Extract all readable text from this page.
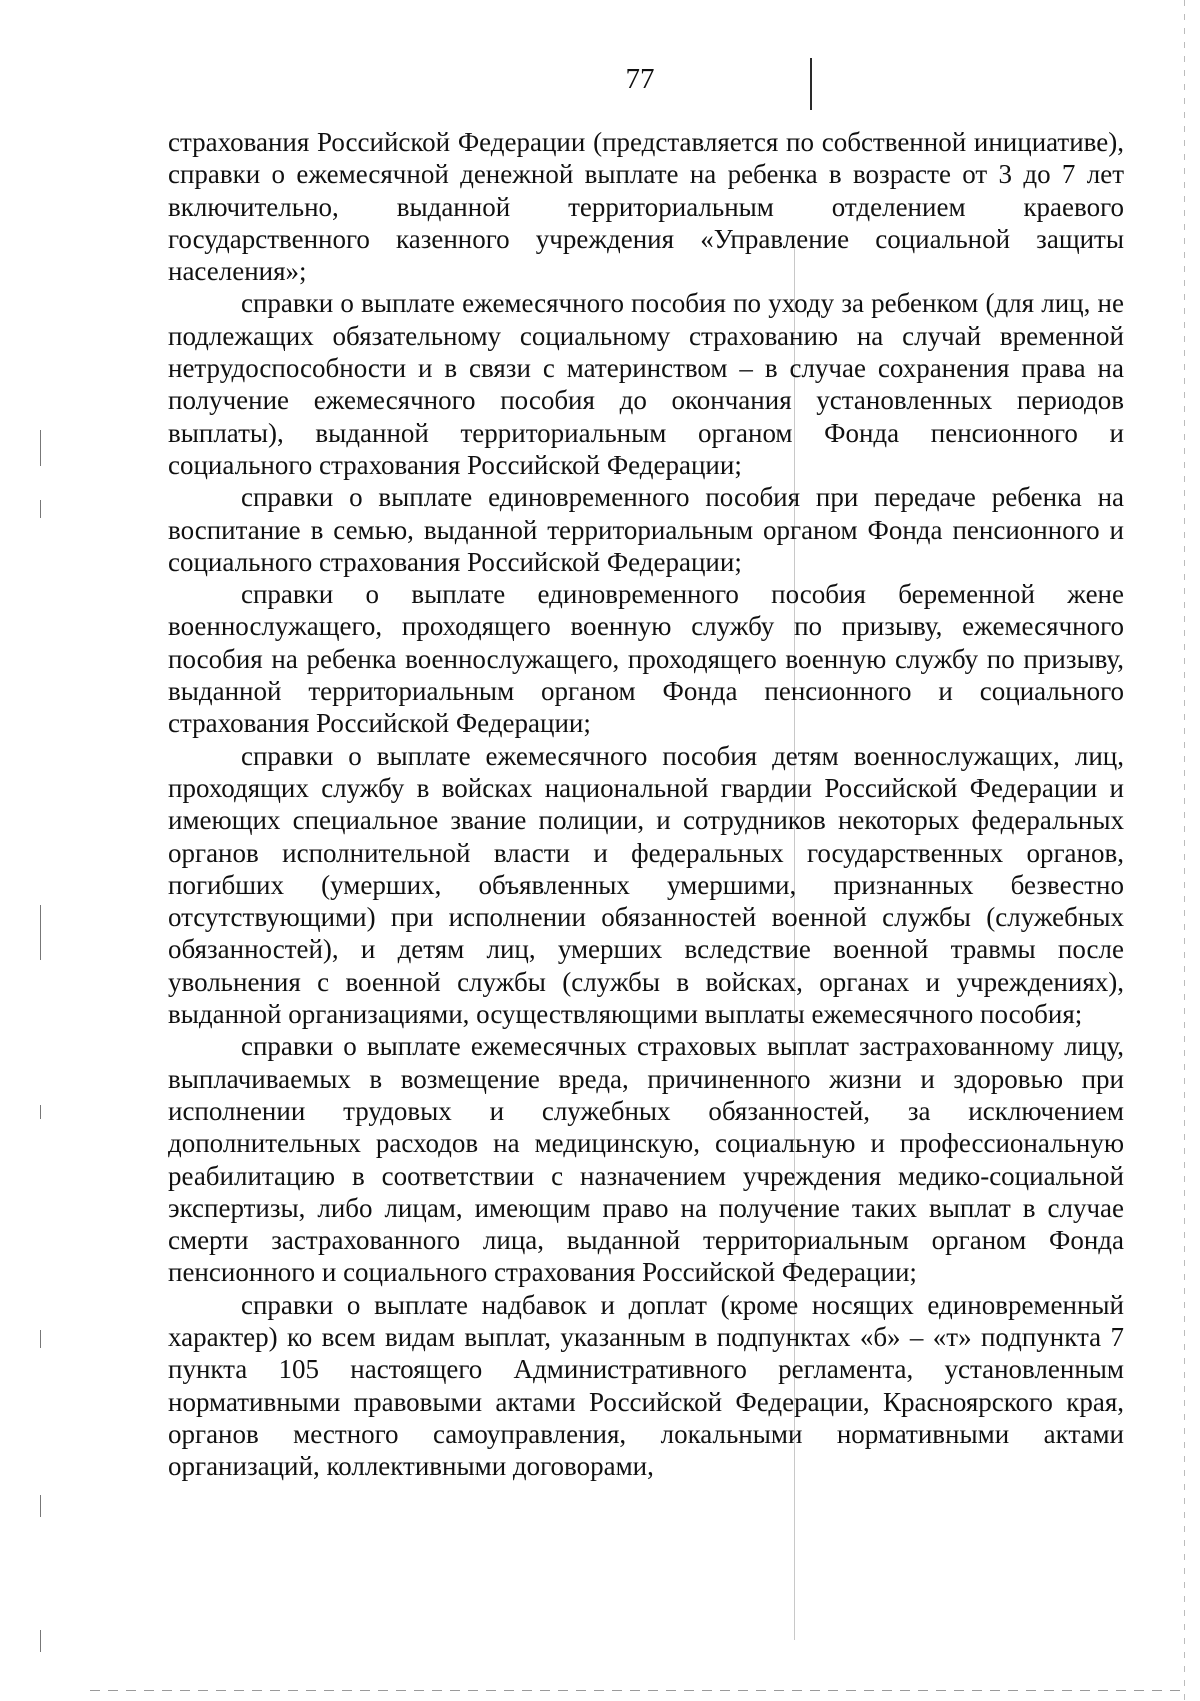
77

страхования Российской Федерации (представляется по собственной инициативе), справки о ежемесячной денежной выплате на ребенка в возрасте от 3 до 7 лет включительно, выданной территориальным отделением краевого государственного казенного учреждения «Управление социальной защиты населения»;

справки о выплате ежемесячного пособия по уходу за ребенком (для лиц, не подлежащих обязательному социальному страхованию на случай временной нетрудоспособности и в связи с материнством – в случае сохранения права на получение ежемесячного пособия до окончания установленных периодов выплаты), выданной территориальным органом Фонда пенсионного и социального страхования Российской Федерации;

справки о выплате единовременного пособия при передаче ребенка на воспитание в семью, выданной территориальным органом Фонда пенсионного и социального страхования Российской Федерации;

справки о выплате единовременного пособия беременной жене военнослужащего, проходящего военную службу по призыву, ежемесячного пособия на ребенка военнослужащего, проходящего военную службу по призыву, выданной территориальным органом Фонда пенсионного и социального страхования Российской Федерации;

справки о выплате ежемесячного пособия детям военнослужащих, лиц, проходящих службу в войсках национальной гвардии Российской Федерации и имеющих специальное звание полиции, и сотрудников некоторых федеральных органов исполнительной власти и федеральных государственных органов, погибших (умерших, объявленных умершими, признанных безвестно отсутствующими) при исполнении обязанностей военной службы (служебных обязанностей), и детям лиц, умерших вследствие военной травмы после увольнения с военной службы (службы в войсках, органах и учреждениях), выданной организациями, осуществляющими выплаты ежемесячного пособия;

справки о выплате ежемесячных страховых выплат застрахованному лицу, выплачиваемых в возмещение вреда, причиненного жизни и здоровью при исполнении трудовых и служебных обязанностей, за исключением дополнительных расходов на медицинскую, социальную и профессиональную реабилитацию в соответствии с назначением учреждения медико-социальной экспертизы, либо лицам, имеющим право на получение таких выплат в случае смерти застрахованного лица, выданной территориальным органом Фонда пенсионного и социального страхования Российской Федерации;

справки о выплате надбавок и доплат (кроме носящих единовременный характер) ко всем видам выплат, указанным в подпунктах «б» – «т» подпункта 7 пункта 105 настоящего Административного регламента, установленным нормативными правовыми актами Российской Федерации, Красноярского края, органов местного самоуправления, локальными нормативными актами организаций, коллективными договорами,
